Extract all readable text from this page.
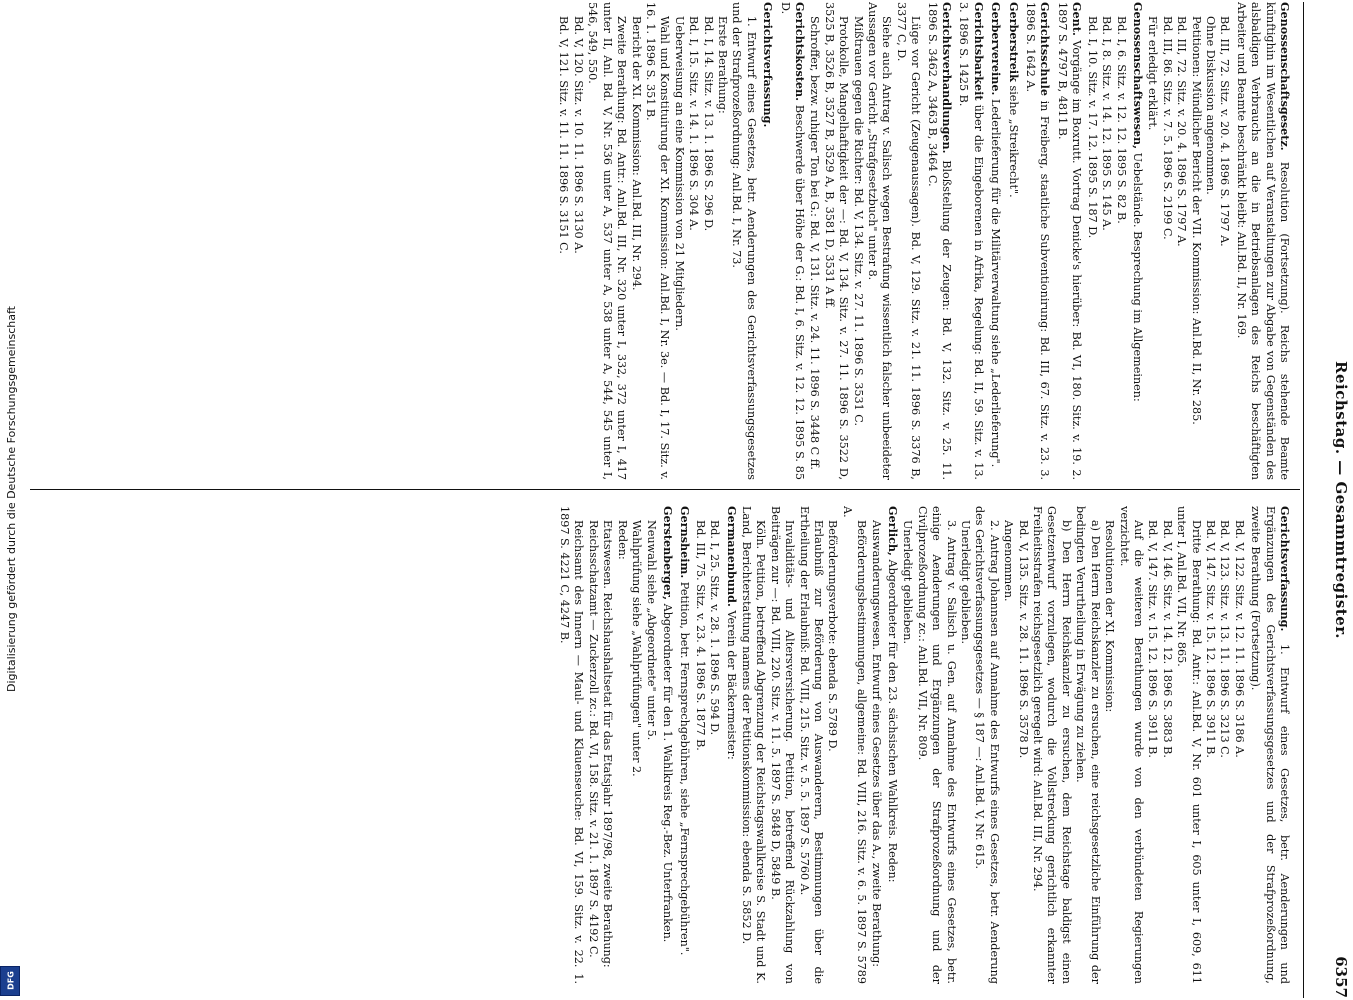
Reichstag. — Gesammtregister.
6357
Genossenschaftsgesetz. Resolution (Fortsetzung). Reichs stehende Beamte künftighin im Wesentlichen auf Veranstaltungen zur Abgabe von Gegenständen des alsbaldigen Verbrauchs an die in Betriebsanlagen des Reichs beschäftigten Arbeiter und Beamte beschränkt bleibt: Anl.Bd. II, Nr. 169.
Bd. III, 72. Sitz. v. 20. 4. 1896 S. 1797 A.
Ohne Diskussion angenommen.
Petitionen: Mündlicher Bericht der VII. Kommission: Anl.Bd. II, Nr. 285.
Bd. III, 72. Sitz. v. 20. 4. 1896 S. 1797 A.
Bd. III, 86. Sitz. v. 7. 5. 1896 S. 2199 C.
Für erledigt erklärt.
Genossenschaftswesen, Uebelstände. Besprechung im Allgemeinen:
Bd. I, 6. Sitz. v. 12. 12. 1895 S. 82 B.
Bd. I, 8. Sitz. v. 14. 12. 1895 S. 145 A.
Bd. I, 10. Sitz. v. 17. 12. 1895 S. 187 D.
Gent. Vorgänge im Boxrutt. Vortrag Denicke's hierüber: Bd. VI, 180. Sitz. v. 19. 2. 1897 S. 4797 B, 4811 B.
Gerichtsschule in Freiberg, staatliche Subventionirung: Bd. III, 67. Sitz. v. 23. 3. 1896 S. 1642 A.
Gerberstreik siehe „Streikrecht".
Gerbervereine. Lederlieferung für die Militärverwaltung siehe „Lederlieferung".
Gerichtsbarkeit über die Eingeborenen in Afrika, Regelung: Bd. II, 59. Sitz. v. 13. 3. 1896 S. 1425 B.
Gerichtsverhandlungen. Bloßstellung der Zeugen: Bd. V, 132. Sitz. v. 25. 11. 1896 S. 3462 A, 3463 B, 3464 C.
Lüge vor Gericht (Zeugenaussagen). Bd. V, 129. Sitz. v. 21. 11. 1896 S. 3376 B, 3377 C, D.
Siehe auch Antrag v. Salisch wegen Bestrafung wissentlich falscher unbeeideter Aussagen vor Gericht „Strafgesetzbuch" unter 8.
Mißtrauen gegen die Richter: Bd. V, 134. Sitz. v. 27. 11. 1896 S. 3531 C.
Protokolle, Mangelhaftigkeit der —: Bd. V, 134. Sitz. v. 27. 11. 1896 S. 3522 D, 3525 B, 3526 B, 3527 B, 3529 A, B, 3581 D, 3531 A ff.
Schroffer, bezw. ruhiger Ton bei G.: Bd. V, 131. Sitz. v. 24. 11. 1896 S. 3448 C ff.
Gerichtskosten. Beschwerde über Höhe der G.: Bd. I, 6. Sitz. v. 12. 12. 1895 S. 85 D.
Gerichtsverfassung.
1. Entwurf eines Gesetzes, betr. Aenderungen des Gerichtsverfassungsgesetzes und der Strafprozeßordnung: Anl.Bd. I, Nr. 73.
Erste Berathung:
Bd. I, 14. Sitz. v. 13. 1. 1896 S. 296 D.
Bd. I, 15. Sitz. v. 14. 1. 1896 S. 304 A.
Ueberweisung an eine Kommission von 21 Mitgliedern.
Wahl und Konstituirung der XI. Kommission: Anl.Bd. I, Nr. 3e. — Bd. I, 17. Sitz. v. 16. 1. 1896 S. 351 B.
Bericht der XI. Kommission: Anl.Bd. III, Nr. 294.
Zweite Berathung: Bd. Antr.: Anl.Bd. III, Nr. 320 unter I, 332, 372 unter I, 417 unter II, Anl. Bd. V, Nr. 536 unter A, 537 unter A, 538 unter A, 544, 545 unter I, 546, 549, 550.
Bd. V, 120. Sitz. v. 10. 11. 1896 S. 3130 A.
Bd. V, 121. Sitz. v. 11. 11. 1896 S. 3151 C.
Gerichtsverfassung. 1. Entwurf eines Gesetzes, betr. Aenderungen und Ergänzungen des Gerichtsverfassungsgesetzes und der Strafprozeßordnung, zweite Berathung (Fortsetzung).
Bd. V, 122. Sitz. v. 12. 11. 1896 S. 3186 A.
Bd. V, 123. Sitz. v. 13. 11. 1896 S. 3213 C.
Bd. V, 147. Sitz. v. 15. 12. 1896 S. 3911 B.
Dritte Berathung: Bd. Antr.: Anl.Bd. V, Nr. 601 unter I, 605 unter I, 609, 611 unter I, Anl.Bd. VII, Nr. 865.
Bd. V, 146. Sitz. v. 14. 12. 1896 S. 3883 B.
Bd. V, 147. Sitz. v. 15. 12. 1896 S. 3911 B.
Auf die weiteren Berathungen wurde von den verbündeten Regierungen verzichtet.
Resolutionen der XI. Kommission:
a) Den Herrn Reichskanzler zu ersuchen, eine reichsgesetzliche Einführung der bedingten Verurtheilung in Erwägung zu ziehen.
b) Den Herrn Reichskanzler zu ersuchen, dem Reichstage baldigst einen Gesetzentwurf vorzulegen, wodurch die Vollstreckung gerichtlich erkannter Freiheitsstrafen reichsgesetzlich geregelt wird: Anl.Bd. III, Nr. 294.
Bd. V, 135. Sitz. v. 28. 11. 1896 S. 3578 D.
Angenommen.
2. Antrag Johannsen auf Annahme des Entwurfs eines Gesetzes, betr. Aenderung des Gerichtsverfassungsgesetzes — § 187 —: Anl.Bd. V, Nr. 615.
Unerledigt geblieben.
3. Antrag v. Salisch u. Gen. auf Annahme des Entwurfs eines Gesetzes, betr. einige Aenderungen und Ergänzungen der Strafprozeßordnung und der Civilprozeßordnung zc.: Anl.Bd. VII, Nr. 809.
Unerledigt geblieben.
Gerlich, Abgeordneter für den 23. sächsischen Wahlkreis. Reden:
Auswanderungswesen. Entwurf eines Gesetzes über das A., zweite Berathung:
Beförderungsbestimmungen, allgemeine: Bd. VIII, 216. Sitz. v. 6. 5. 1897 S. 5789 A.
Beförderungsverbote: ebenda S. 5789 D.
Erlaubniß zur Beförderung von Auswanderern, Bestimmungen über die Ertheilung der Erlaubniß: Bd. VIII, 215. Sitz. v. 5. 5. 1897 S. 5760 A.
Invaliditäts- und Altersversicherung. Petition, betreffend Rückzahlung von Beiträgen zur —: Bd. VIII, 220. Sitz. v. 11. 5. 1897 S. 5848 D, 5849 B.
Köln. Petition, betreffend Abgrenzung der Reichstagswahlkreise S. Stadt und K. Land, Berichterstattung namens der Petitionskommission: ebenda S. 5852 D.
Germanenbund. Verein der Bäckermeister:
Bd. I, 25. Sitz. v. 28. 1. 1896 S. 594 D.
Bd. III, 75. Sitz. v. 23. 4. 1896 S. 1877 B.
Gernsheim. Petition, betr. Fernsprechgebühren, siehe „Fernsprechgebühren".
Gerstenberger, Abgeordneter für den 1. Wahlkreis Reg.-Bez. Unterfranken.
Neuwahl siehe „Abgeordnete" unter 5.
Wahlprüfung siehe „Wahlprüfungen" unter 2.
Reden:
Etatswesen. Reichshaushaltsetat für das Etatsjahr 1897/98, zweite Berathung:
Reichsschatzamt — Zuckerzoll zc.: Bd. VI, 158. Sitz. v. 21. 1. 1897 S. 4192 C.
Reichsamt des Innern — Maul- und Klauenseuche: Bd. VI, 159. Sitz. v. 22. 1. 1897 S. 4221 C, 4247 B.
Digitalisierung gefördert durch die Deutsche Forschungsgemeinschaft
DFG
